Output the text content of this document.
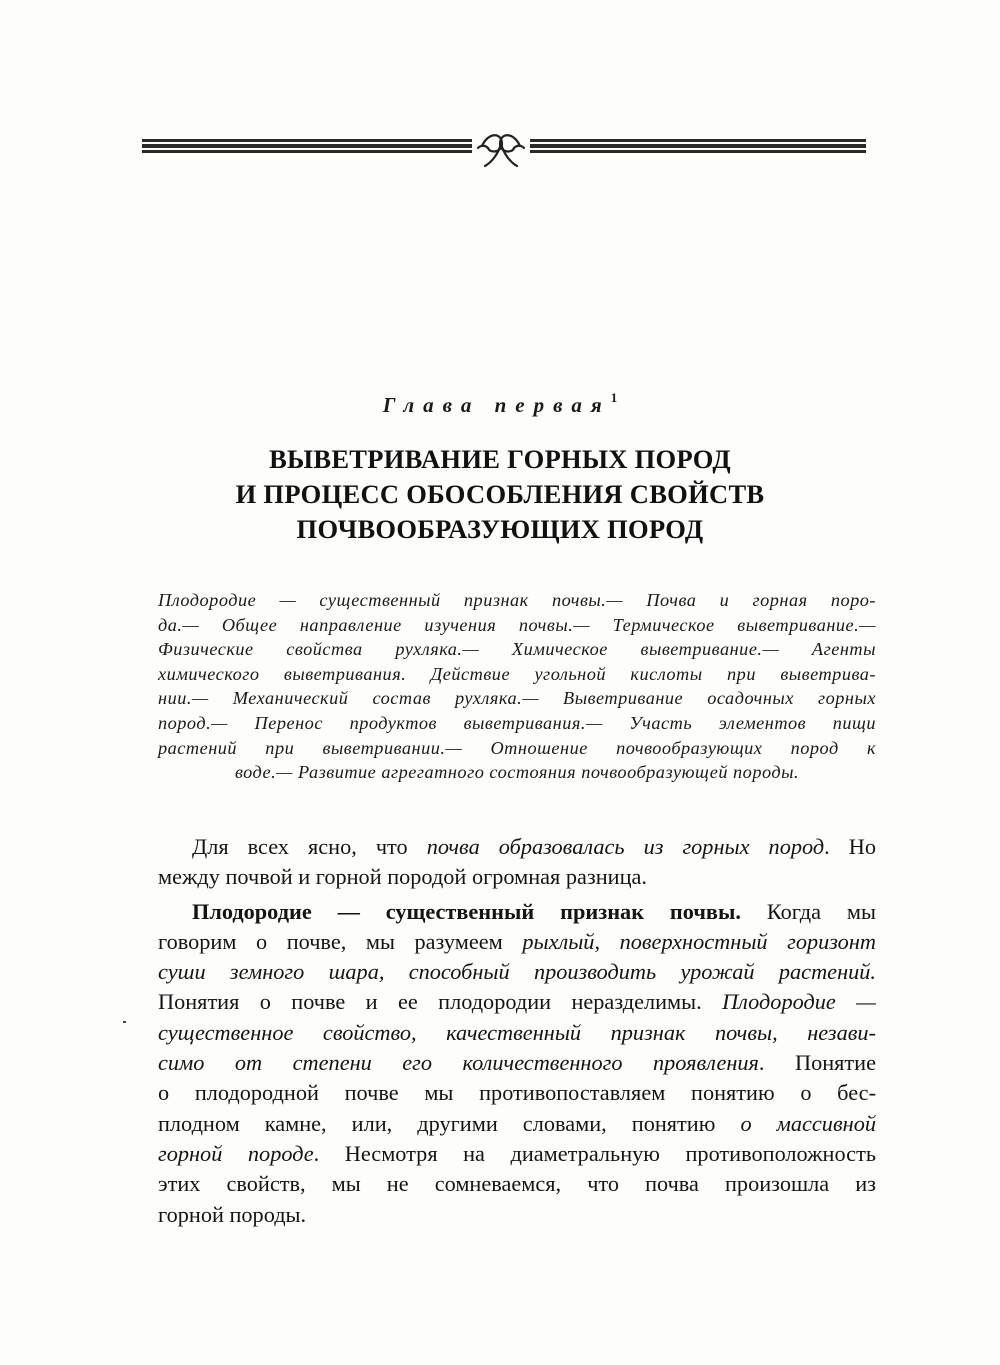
Глава первая$^1$
ВЫВЕТРИВАНИЕ ГОРНЫХ ПОРОД
И ПРОЦЕСС ОБОСОБЛЕНИЯ СВОЙСТВ
ПОЧВООБРАЗУЮЩИХ ПОРОД
Плодородие — существенный признак почвы.— Почва и горная поро-
да.— Общее направление изучения почвы.— Термическое выветривание.—
Физические свойства рухляка.— Химическое выветривание.— Агенты
химического выветривания. Действие угольной кислоты при выветрива-
нии.— Механический состав рухляка.— Выветривание осадочных горных
пород.— Перенос продуктов выветривания.— Участь элементов пищи
растений при выветривании.— Отношение почвообразующих пород к
воде.— Развитие агрегатного состояния почвообразующей породы.
Для всех ясно, что почва образовалась из горных пород. Но
между почвой и горной породой огромная разница.
Плодородие — существенный признак почвы. Когда мы
говорим о почве, мы разумеем рыхлый, поверхностный горизонт
суши земного шара, способный производить урожай растений.
Понятия о почве и ее плодородии неразделимы. Плодородие —
существенное свойство, качественный признак почвы, незави-
симо от степени его количественного проявления. Понятие
о плодородной почве мы противопоставляем понятию о бес-
плодном камне, или, другими словами, понятию о массивной
горной породе. Несмотря на диаметральную противоположность
этих свойств, мы не сомневаемся, что почва произошла из
горной породы.
